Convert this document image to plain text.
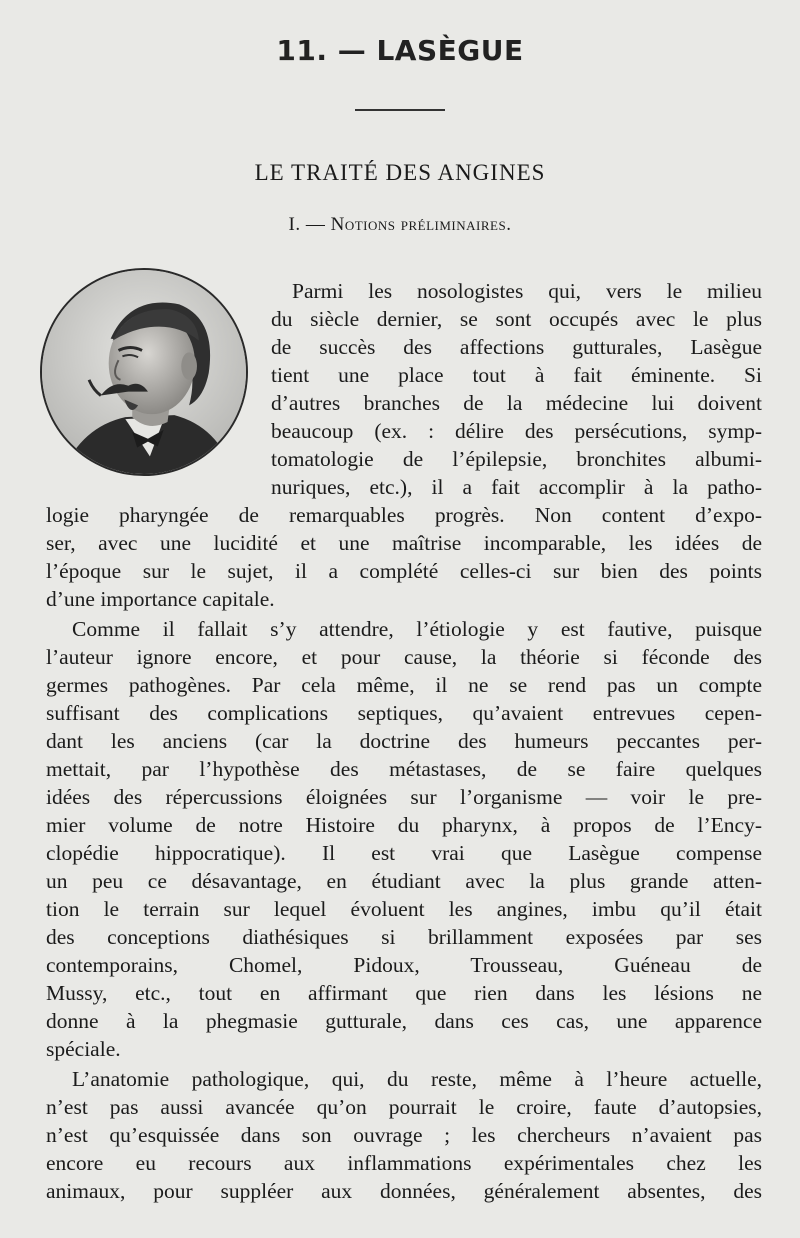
11. — LASÈGUE
LE TRAITÉ DES ANGINES
I. — Notions préliminaires.
Parmi les nosologistes qui, vers le milieu
du siècle dernier, se sont occupés avec le plus
de succès des affections gutturales, Lasègue
tient une place tout à fait éminente. Si
d’autres branches de la médecine lui doivent
beaucoup (ex. : délire des persécutions, symp-
tomatologie de l’épilepsie, bronchites albumi-
nuriques, etc.), il a fait accomplir à la patho-
logie pharyngée de remarquables progrès. Non content d’expo-
ser, avec une lucidité et une maîtrise incomparable, les idées de
l’époque sur le sujet, il a complété celles-ci sur bien des points
d’une importance capitale.
Comme il fallait s’y attendre, l’étiologie y est fautive, puisque
l’auteur ignore encore, et pour cause, la théorie si féconde des
germes pathogènes. Par cela même, il ne se rend pas un compte
suffisant des complications septiques, qu’avaient entrevues cepen-
dant les anciens (car la doctrine des humeurs peccantes per-
mettait, par l’hypothèse des métastases, de se faire quelques
idées des répercussions éloignées sur l’organisme — voir le pre-
mier volume de notre Histoire du pharynx, à propos de l’Ency-
clopédie hippocratique). Il est vrai que Lasègue compense
un peu ce désavantage, en étudiant avec la plus grande atten-
tion le terrain sur lequel évoluent les angines, imbu qu’il était
des conceptions diathésiques si brillamment exposées par ses
contemporains, Chomel, Pidoux, Trousseau, Guéneau de
Mussy, etc., tout en affirmant que rien dans les lésions ne
donne à la phegmasie gutturale, dans ces cas, une apparence
spéciale.
L’anatomie pathologique, qui, du reste, même à l’heure actuelle,
n’est pas aussi avancée qu’on pourrait le croire, faute d’autopsies,
n’est qu’esquissée dans son ouvrage ; les chercheurs n’avaient pas
encore eu recours aux inflammations expérimentales chez les
animaux, pour suppléer aux données, généralement absentes, des
